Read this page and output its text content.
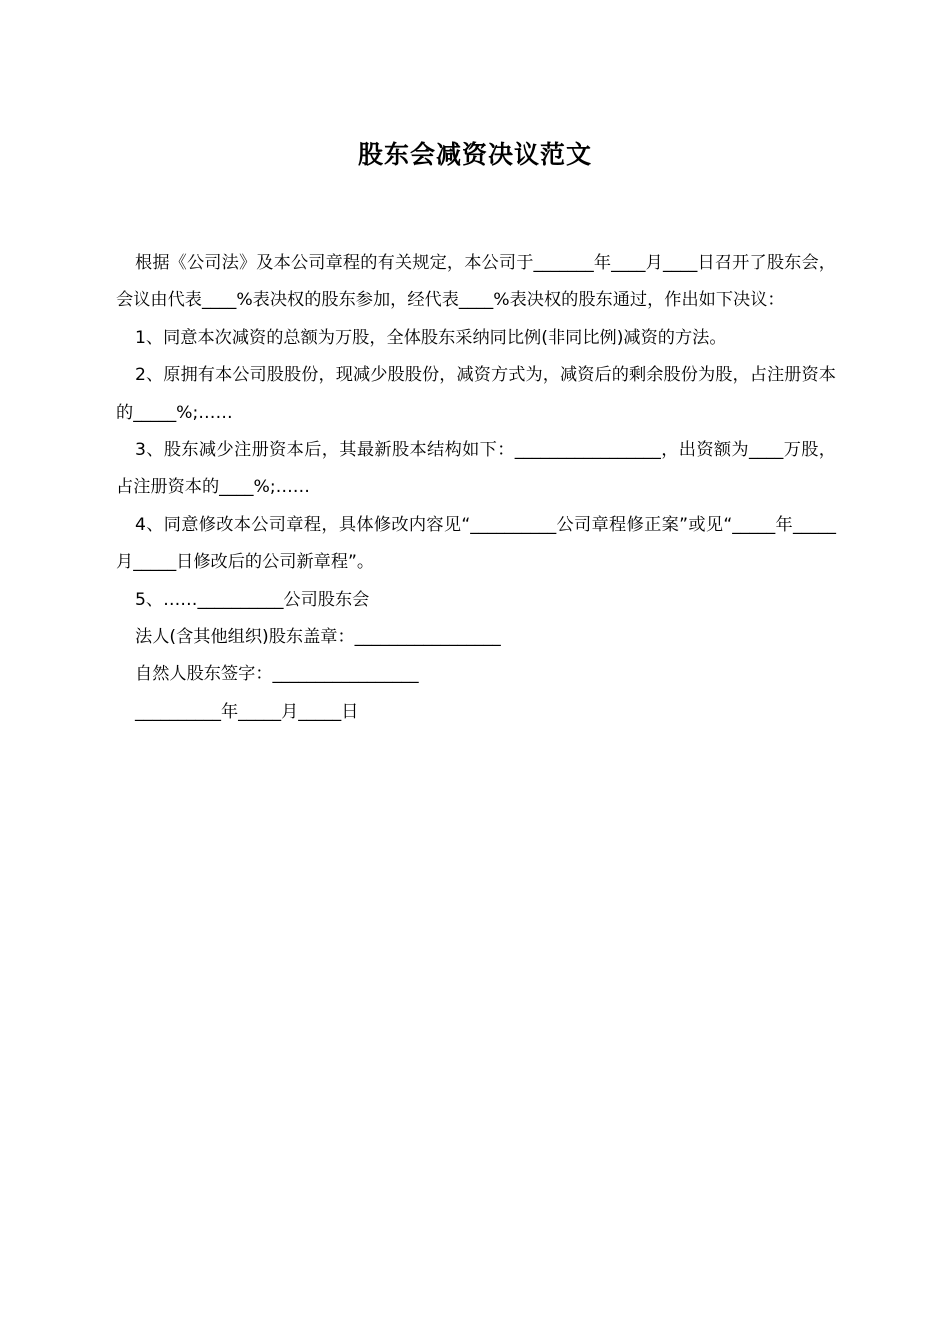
股东会减资决议范文

根据《公司法》及本公司章程的有关规定，本公司于_______年____月____日召开了股东会，会议由代表____%表决权的股东参加，经代表____%表决权的股东通过，作出如下决议：

1、同意本次减资的总额为万股，全体股东采纳同比例(非同比例)减资的方法。

2、原拥有本公司股股份，现减少股股份，减资方式为，减资后的剩余股份为股，占注册资本的_____%;……

3、股东减少注册资本后，其最新股本结构如下：_________________，出资额为____万股，占注册资本的____%;……

4、同意修改本公司章程，具体修改内容见“__________公司章程修正案”或见“_____年_____月_____日修改后的公司新章程”。

5、……__________公司股东会

法人(含其他组织)股东盖章：_________________

自然人股东签字：_________________

__________年_____月_____日
